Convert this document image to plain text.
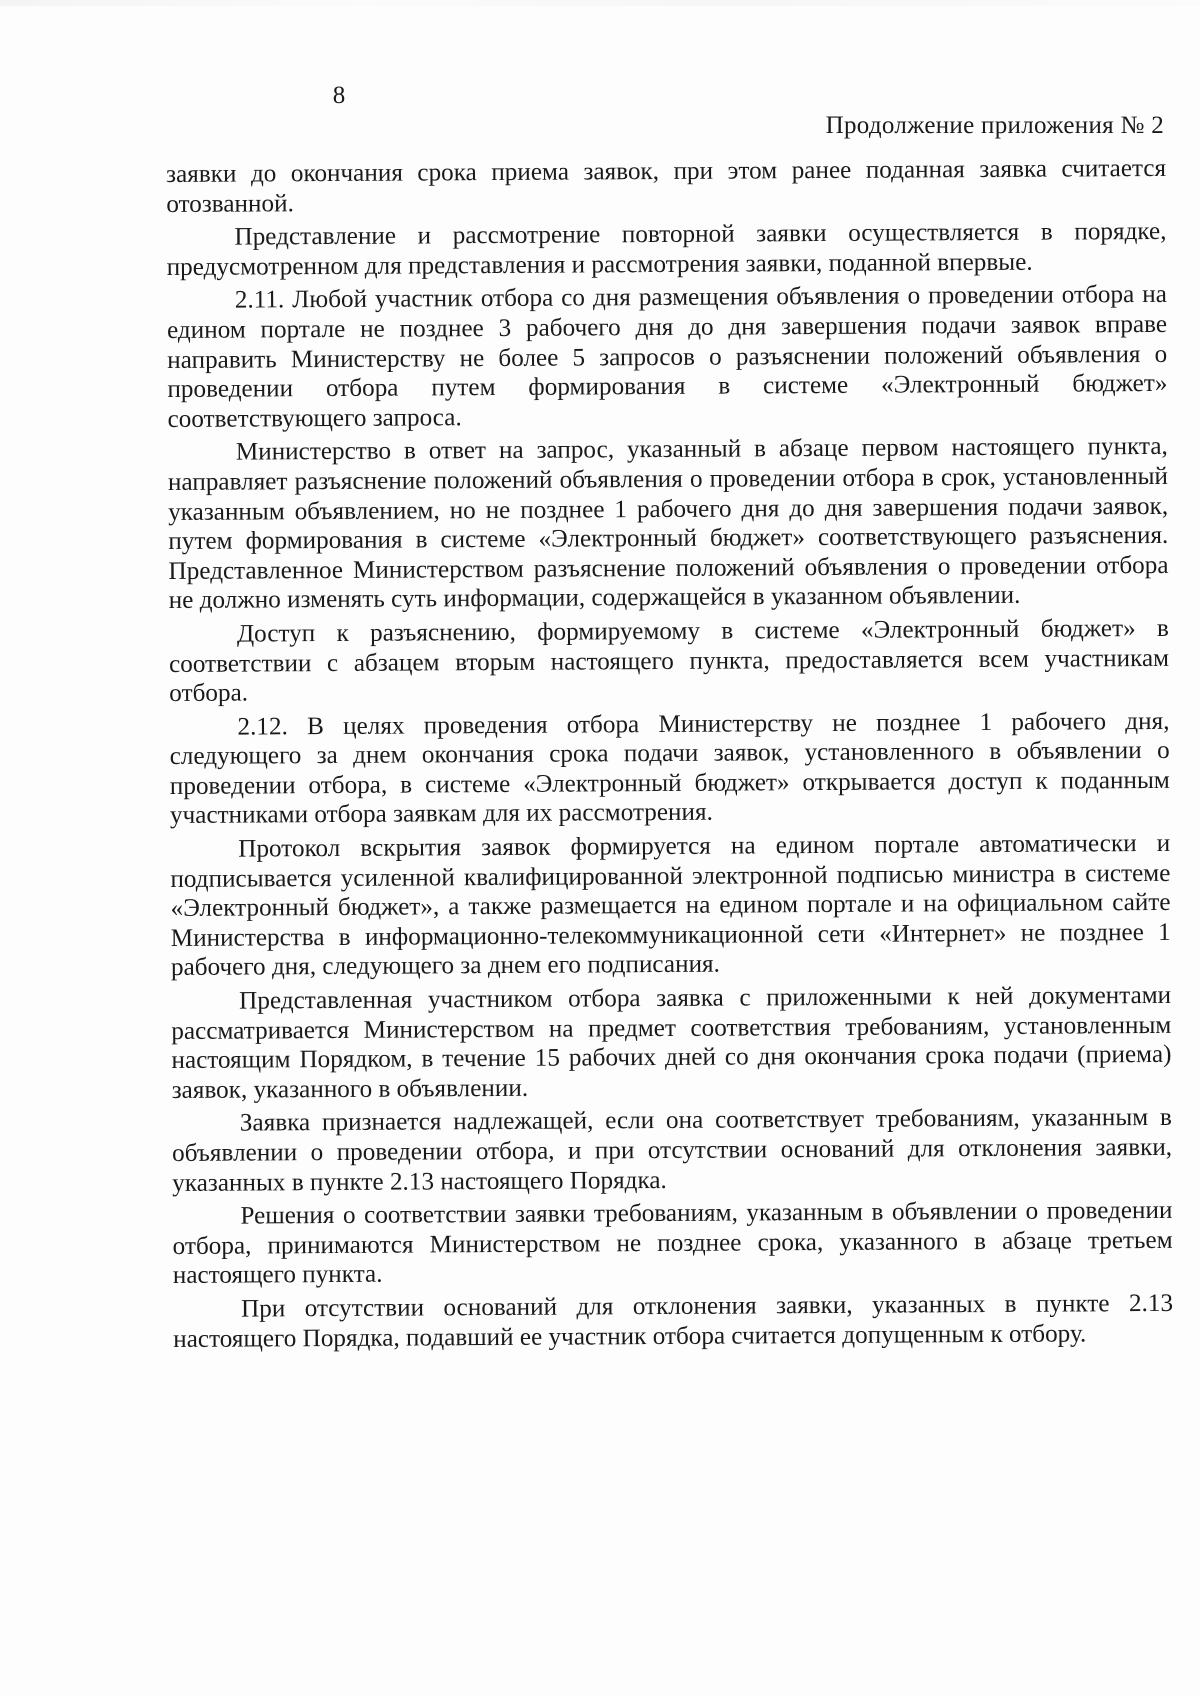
8
Продолжение приложения № 2

заявки до окончания срока приема заявок, при этом ранее поданная заявка считается отозванной.

Представление и рассмотрение повторной заявки осуществляется в порядке, предусмотренном для представления и рассмотрения заявки, поданной впервые.

2.11. Любой участник отбора со дня размещения объявления о проведении отбора на едином портале не позднее 3 рабочего дня до дня завершения подачи заявок вправе направить Министерству не более 5 запросов о разъяснении положений объявления о проведении отбора путем формирования в системе «Электронный бюджет» соответствующего запроса.

Министерство в ответ на запрос, указанный в абзаце первом настоящего пункта, направляет разъяснение положений объявления о проведении отбора в срок, установленный указанным объявлением, но не позднее 1 рабочего дня до дня завершения подачи заявок, путем формирования в системе «Электронный бюджет» соответствующего разъяснения. Представленное Министерством разъяснение положений объявления о проведении отбора не должно изменять суть информации, содержащейся в указанном объявлении.

Доступ к разъяснению, формируемому в системе «Электронный бюджет» в соответствии с абзацем вторым настоящего пункта, предоставляется всем участникам отбора.

2.12. В целях проведения отбора Министерству не позднее 1 рабочего дня, следующего за днем окончания срока подачи заявок, установленного в объявлении о проведении отбора, в системе «Электронный бюджет» открывается доступ к поданным участниками отбора заявкам для их рассмотрения.

Протокол вскрытия заявок формируется на едином портале автоматически и подписывается усиленной квалифицированной электронной подписью министра в системе «Электронный бюджет», а также размещается на едином портале и на официальном сайте Министерства в информационно-телекоммуникационной сети «Интернет» не позднее 1 рабочего дня, следующего за днем его подписания.

Представленная участником отбора заявка с приложенными к ней документами рассматривается Министерством на предмет соответствия требованиям, установленным настоящим Порядком, в течение 15 рабочих дней со дня окончания срока подачи (приема) заявок, указанного в объявлении.

Заявка признается надлежащей, если она соответствует требованиям, указанным в объявлении о проведении отбора, и при отсутствии оснований для отклонения заявки, указанных в пункте 2.13 настоящего Порядка.

Решения о соответствии заявки требованиям, указанным в объявлении о проведении отбора, принимаются Министерством не позднее срока, указанного в абзаце третьем настоящего пункта.

При отсутствии оснований для отклонения заявки, указанных в пункте 2.13 настоящего Порядка, подавший ее участник отбора считается допущенным к отбору.
